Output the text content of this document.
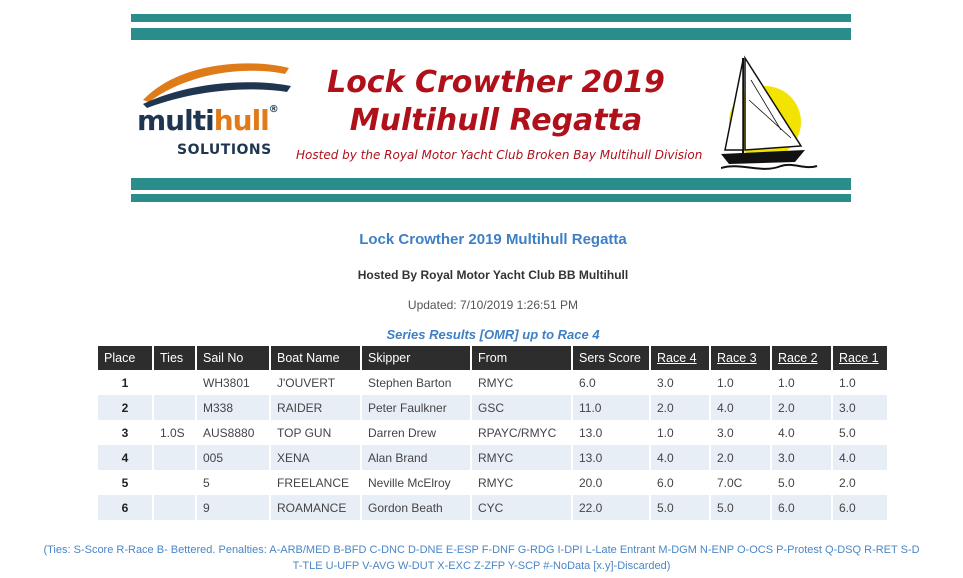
multihull®
SOLUTIONS
Lock Crowther 2019
Multihull Regatta
Hosted by the Royal Motor Yacht Club Broken Bay Multihull Division
Lock Crowther 2019 Multihull Regatta
Hosted By Royal Motor Yacht Club BB Multihull
Updated: 7/10/2019 1:26:51 PM
Series Results [OMR] up to Race 4
Place	Ties	Sail No	Boat Name	Skipper	From	Sers Score	Race 4	Race 3	Race 2	Race 1
1		WH3801	J'OUVERT	Stephen Barton	RMYC	6.0	3.0	1.0	1.0	1.0
2		M338	RAIDER	Peter Faulkner	GSC	11.0	2.0	4.0	2.0	3.0
3	1.0S	AUS8880	TOP GUN	Darren Drew	RPAYC/RMYC	13.0	1.0	3.0	4.0	5.0
4		005	XENA	Alan Brand	RMYC	13.0	4.0	2.0	3.0	4.0
5		5	FREELANCE	Neville McElroy	RMYC	20.0	6.0	7.0C	5.0	2.0
6		9	ROAMANCE	Gordon Beath	CYC	22.0	5.0	5.0	6.0	6.0
(Ties: S-Score R-Race B- Bettered. Penalties: A-ARB/MED B-BFD C-DNC D-DNE E-ESP F-DNF G-RDG I-DPI L-Late Entrant M-DGM N-ENP O-OCS P-Protest Q-DSQ R-RET S-D
T-TLE U-UFP V-AVG W-DUT X-EXC Z-ZFP Y-SCP #-NoData [x.y]-Discarded)
